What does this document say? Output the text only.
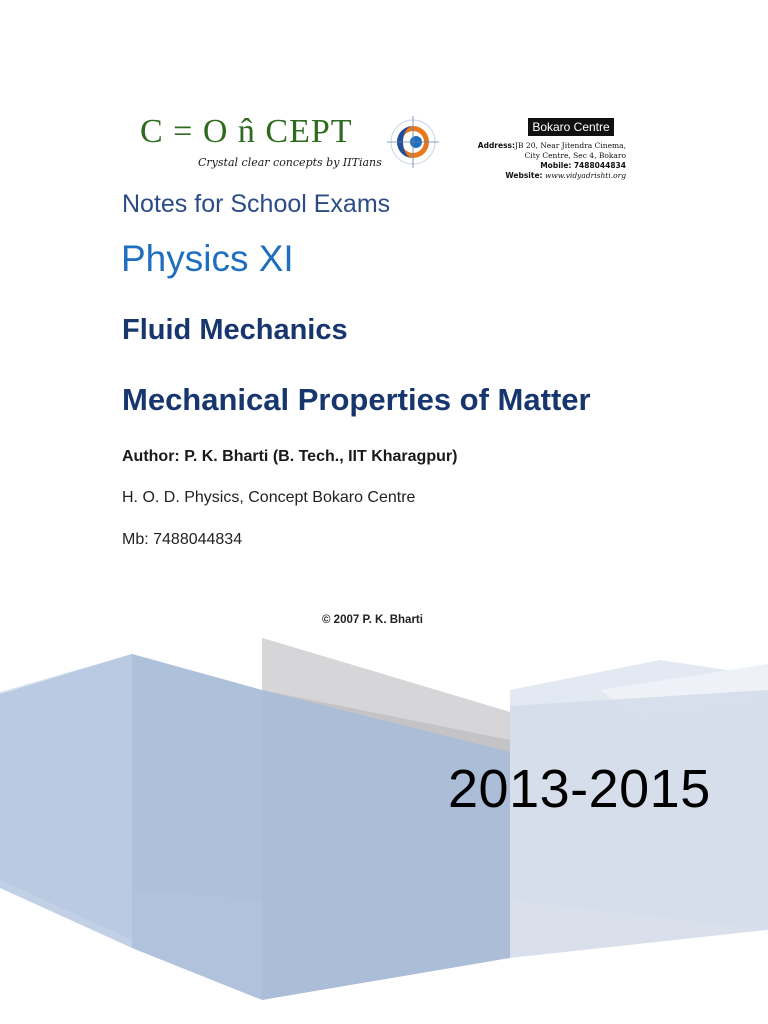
C = O n̂ CEPT
Crystal clear concepts by IITians
Bokaro Centre
Address:JB 20, Near Jitendra Cinema,
City Centre, Sec 4, Bokaro
Mobile: 7488044834
Website: www.vidyadrishti.org
Notes for School Exams
Physics XI
Fluid Mechanics
Mechanical Properties of Matter
Author: P. K. Bharti (B. Tech., IIT Kharagpur)
H. O. D. Physics, Concept Bokaro Centre
Mb: 7488044834
© 2007 P. K. Bharti
2013-2015
